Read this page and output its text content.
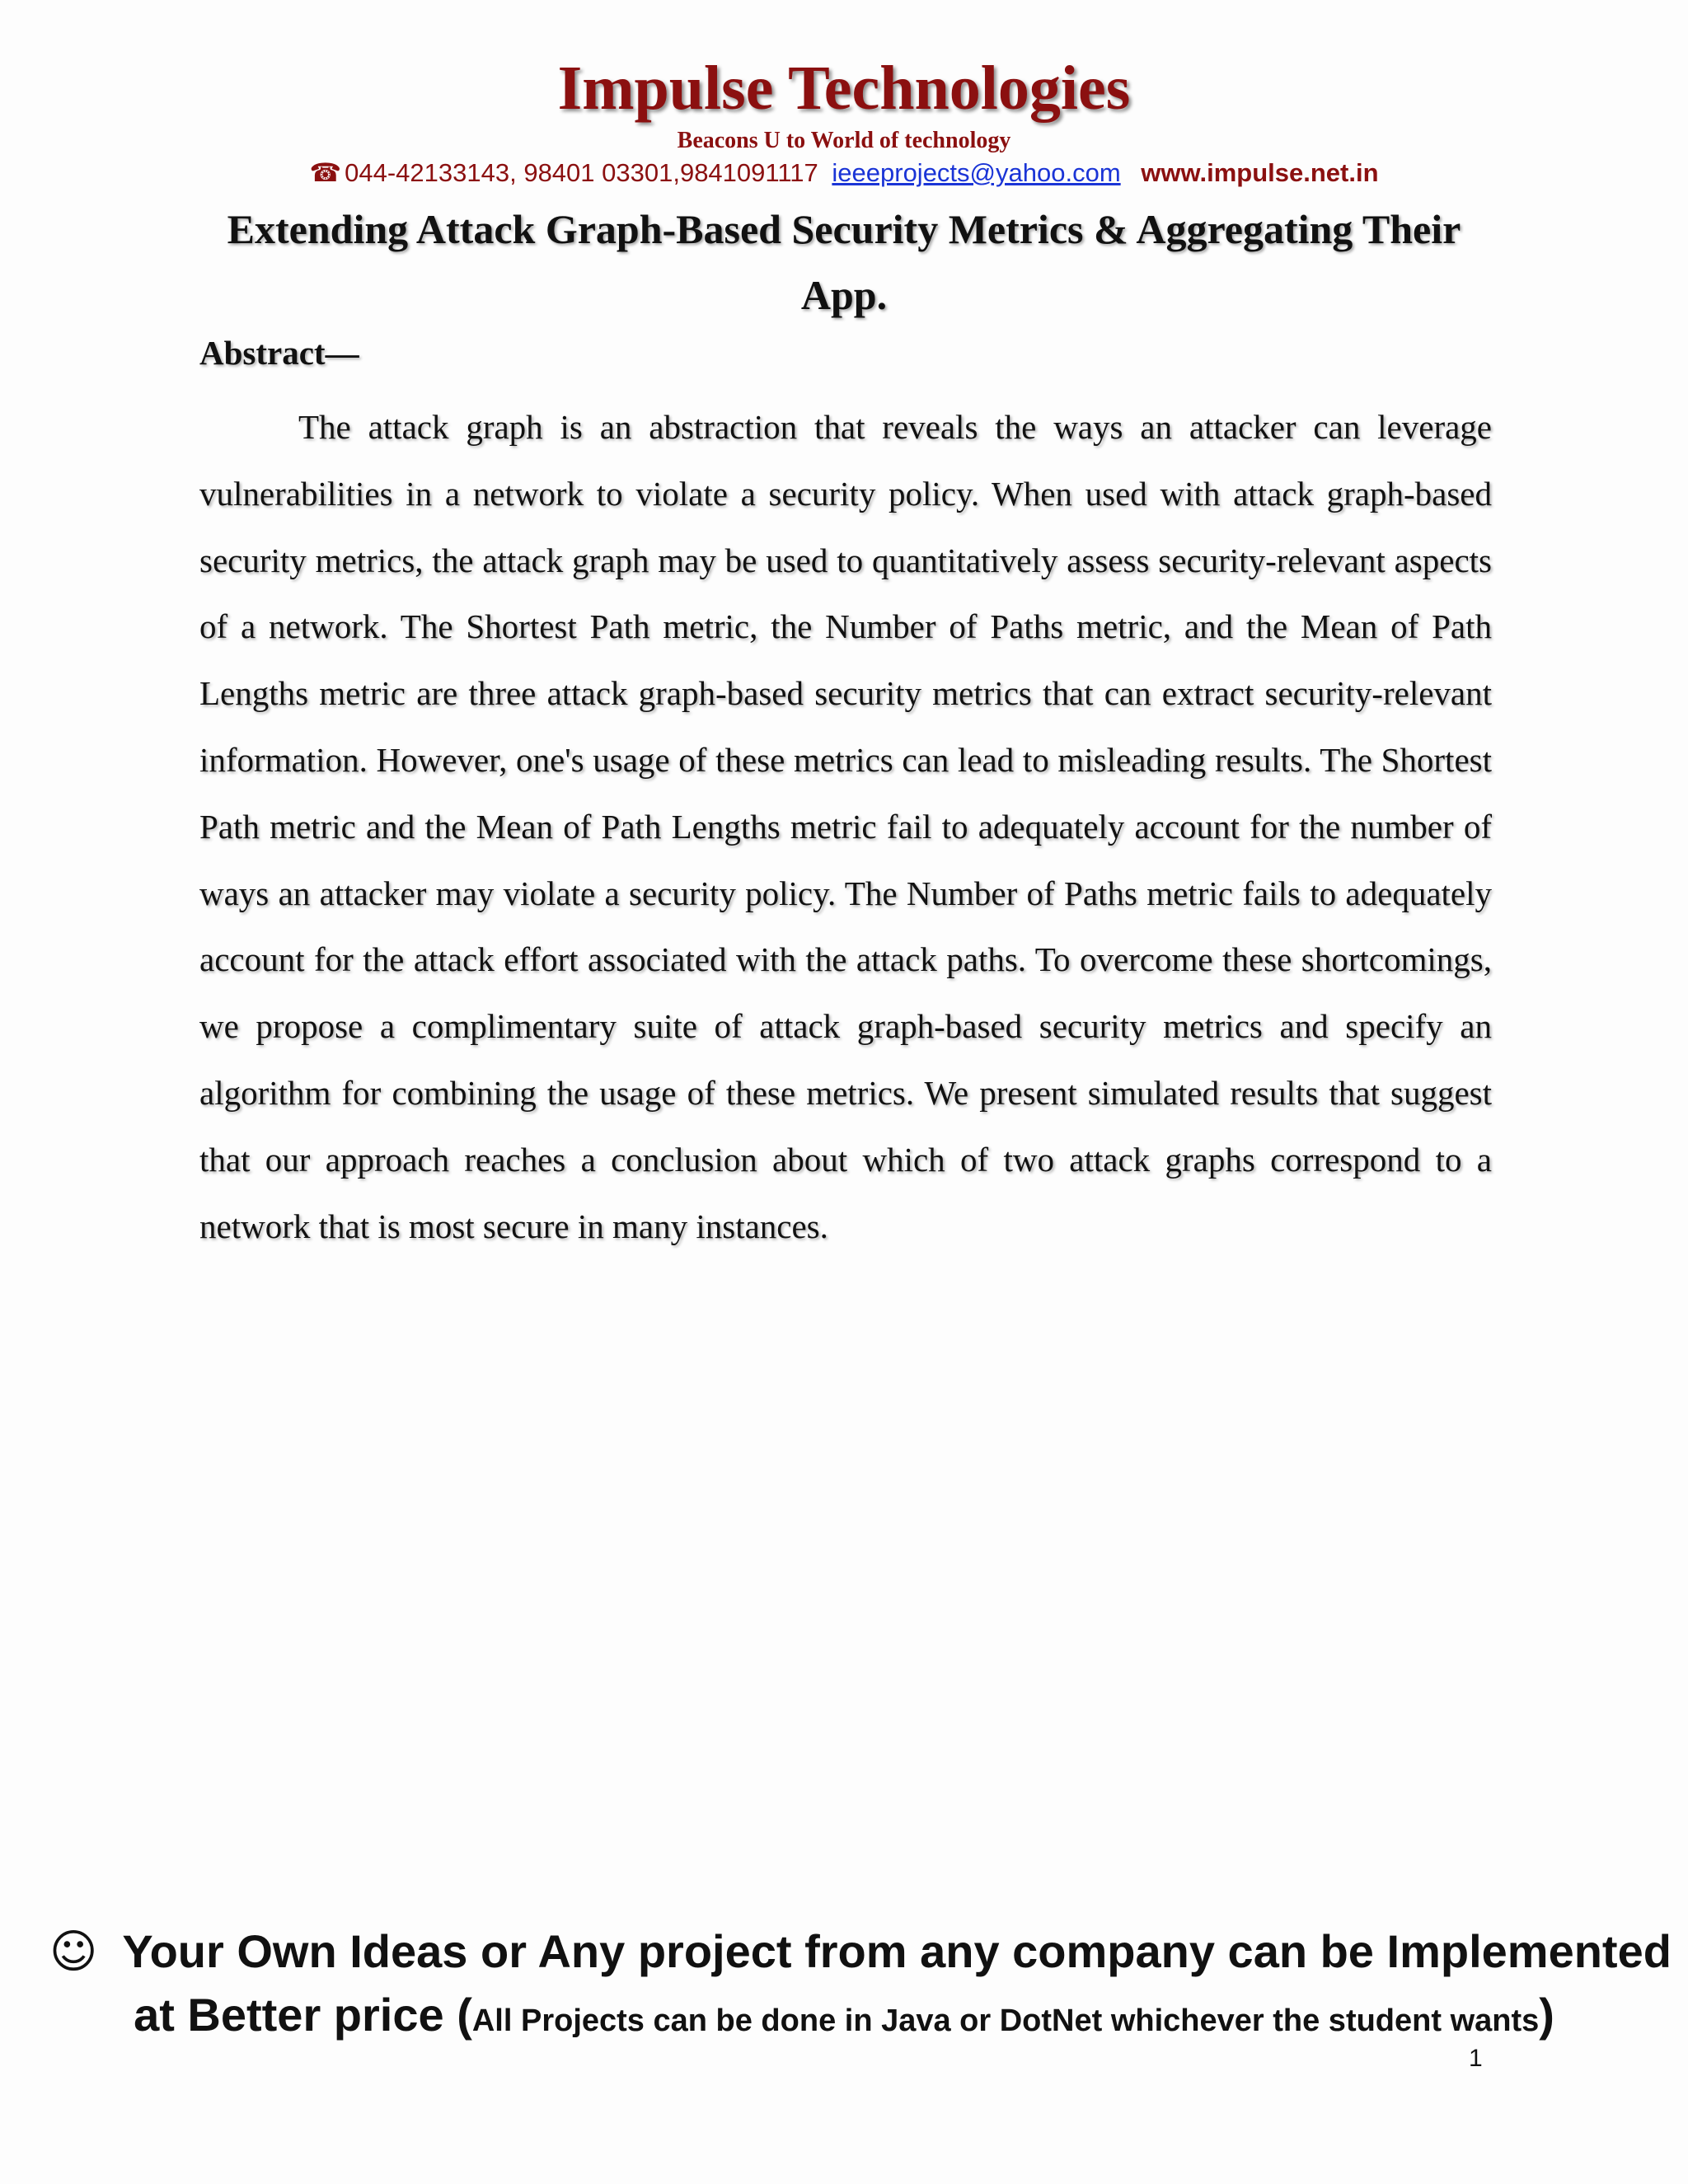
Impulse Technologies
Beacons U to World of technology
☎ 044-42133143, 98401 03301,9841091117 ieeeprojects@yahoo.com www.impulse.net.in
Extending Attack Graph-Based Security Metrics & Aggregating Their App.
Abstract—

The attack graph is an abstraction that reveals the ways an attacker can leverage vulnerabilities in a network to violate a security policy. When used with attack graph-based security metrics, the attack graph may be used to quantitatively assess security-relevant aspects of a network. The Shortest Path metric, the Number of Paths metric, and the Mean of Path Lengths metric are three attack graph-based security metrics that can extract security-relevant information. However, one's usage of these metrics can lead to misleading results. The Shortest Path metric and the Mean of Path Lengths metric fail to adequately account for the number of ways an attacker may violate a security policy. The Number of Paths metric fails to adequately account for the attack effort associated with the attack paths. To overcome these shortcomings, we propose a complimentary suite of attack graph-based security metrics and specify an algorithm for combining the usage of these metrics. We present simulated results that suggest that our approach reaches a conclusion about which of two attack graphs correspond to a network that is most secure in many instances.

☺ Your Own Ideas or Any project from any company can be Implemented
at Better price (All Projects can be done in Java or DotNet whichever the student wants)
1
